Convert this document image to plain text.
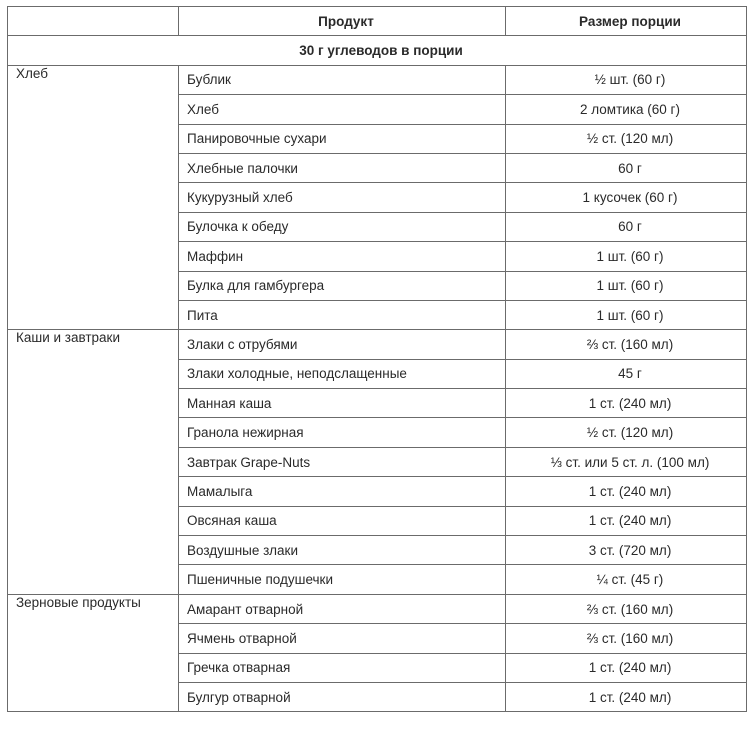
	Продукт	Размер порции
30 г углеводов в порции		
Хлеб	Бублик	½ шт. (60 г)
	Хлеб	2 ломтика (60 г)
	Панировочные сухари	½ ст. (120 мл)
	Хлебные палочки	60 г
	Кукурузный хлеб	1 кусочек (60 г)
	Булочка к обеду	60 г
	Маффин	1 шт. (60 г)
	Булка для гамбургера	1 шт. (60 г)
	Пита	1 шт. (60 г)
Каши и завтраки	Злаки с отрубями	⅔ ст. (160 мл)
	Злаки холодные, неподслащенные	45 г
	Манная каша	1 ст. (240 мл)
	Гранола нежирная	½ ст. (120 мл)
	Завтрак Grape-Nuts	⅓ ст. или 5 ст. л. (100 мл)
	Мамалыга	1 ст. (240 мл)
	Овсяная каша	1 ст. (240 мл)
	Воздушные злаки	3 ст. (720 мл)
	Пшеничные подушечки	¼ ст. (45 г)
Зерновые продукты	Амарант отварной	⅔ ст. (160 мл)
	Ячмень отварной	⅔ ст. (160 мл)
	Гречка отварная	1 ст. (240 мл)
	Булгур отварной	1 ст. (240 мл)
